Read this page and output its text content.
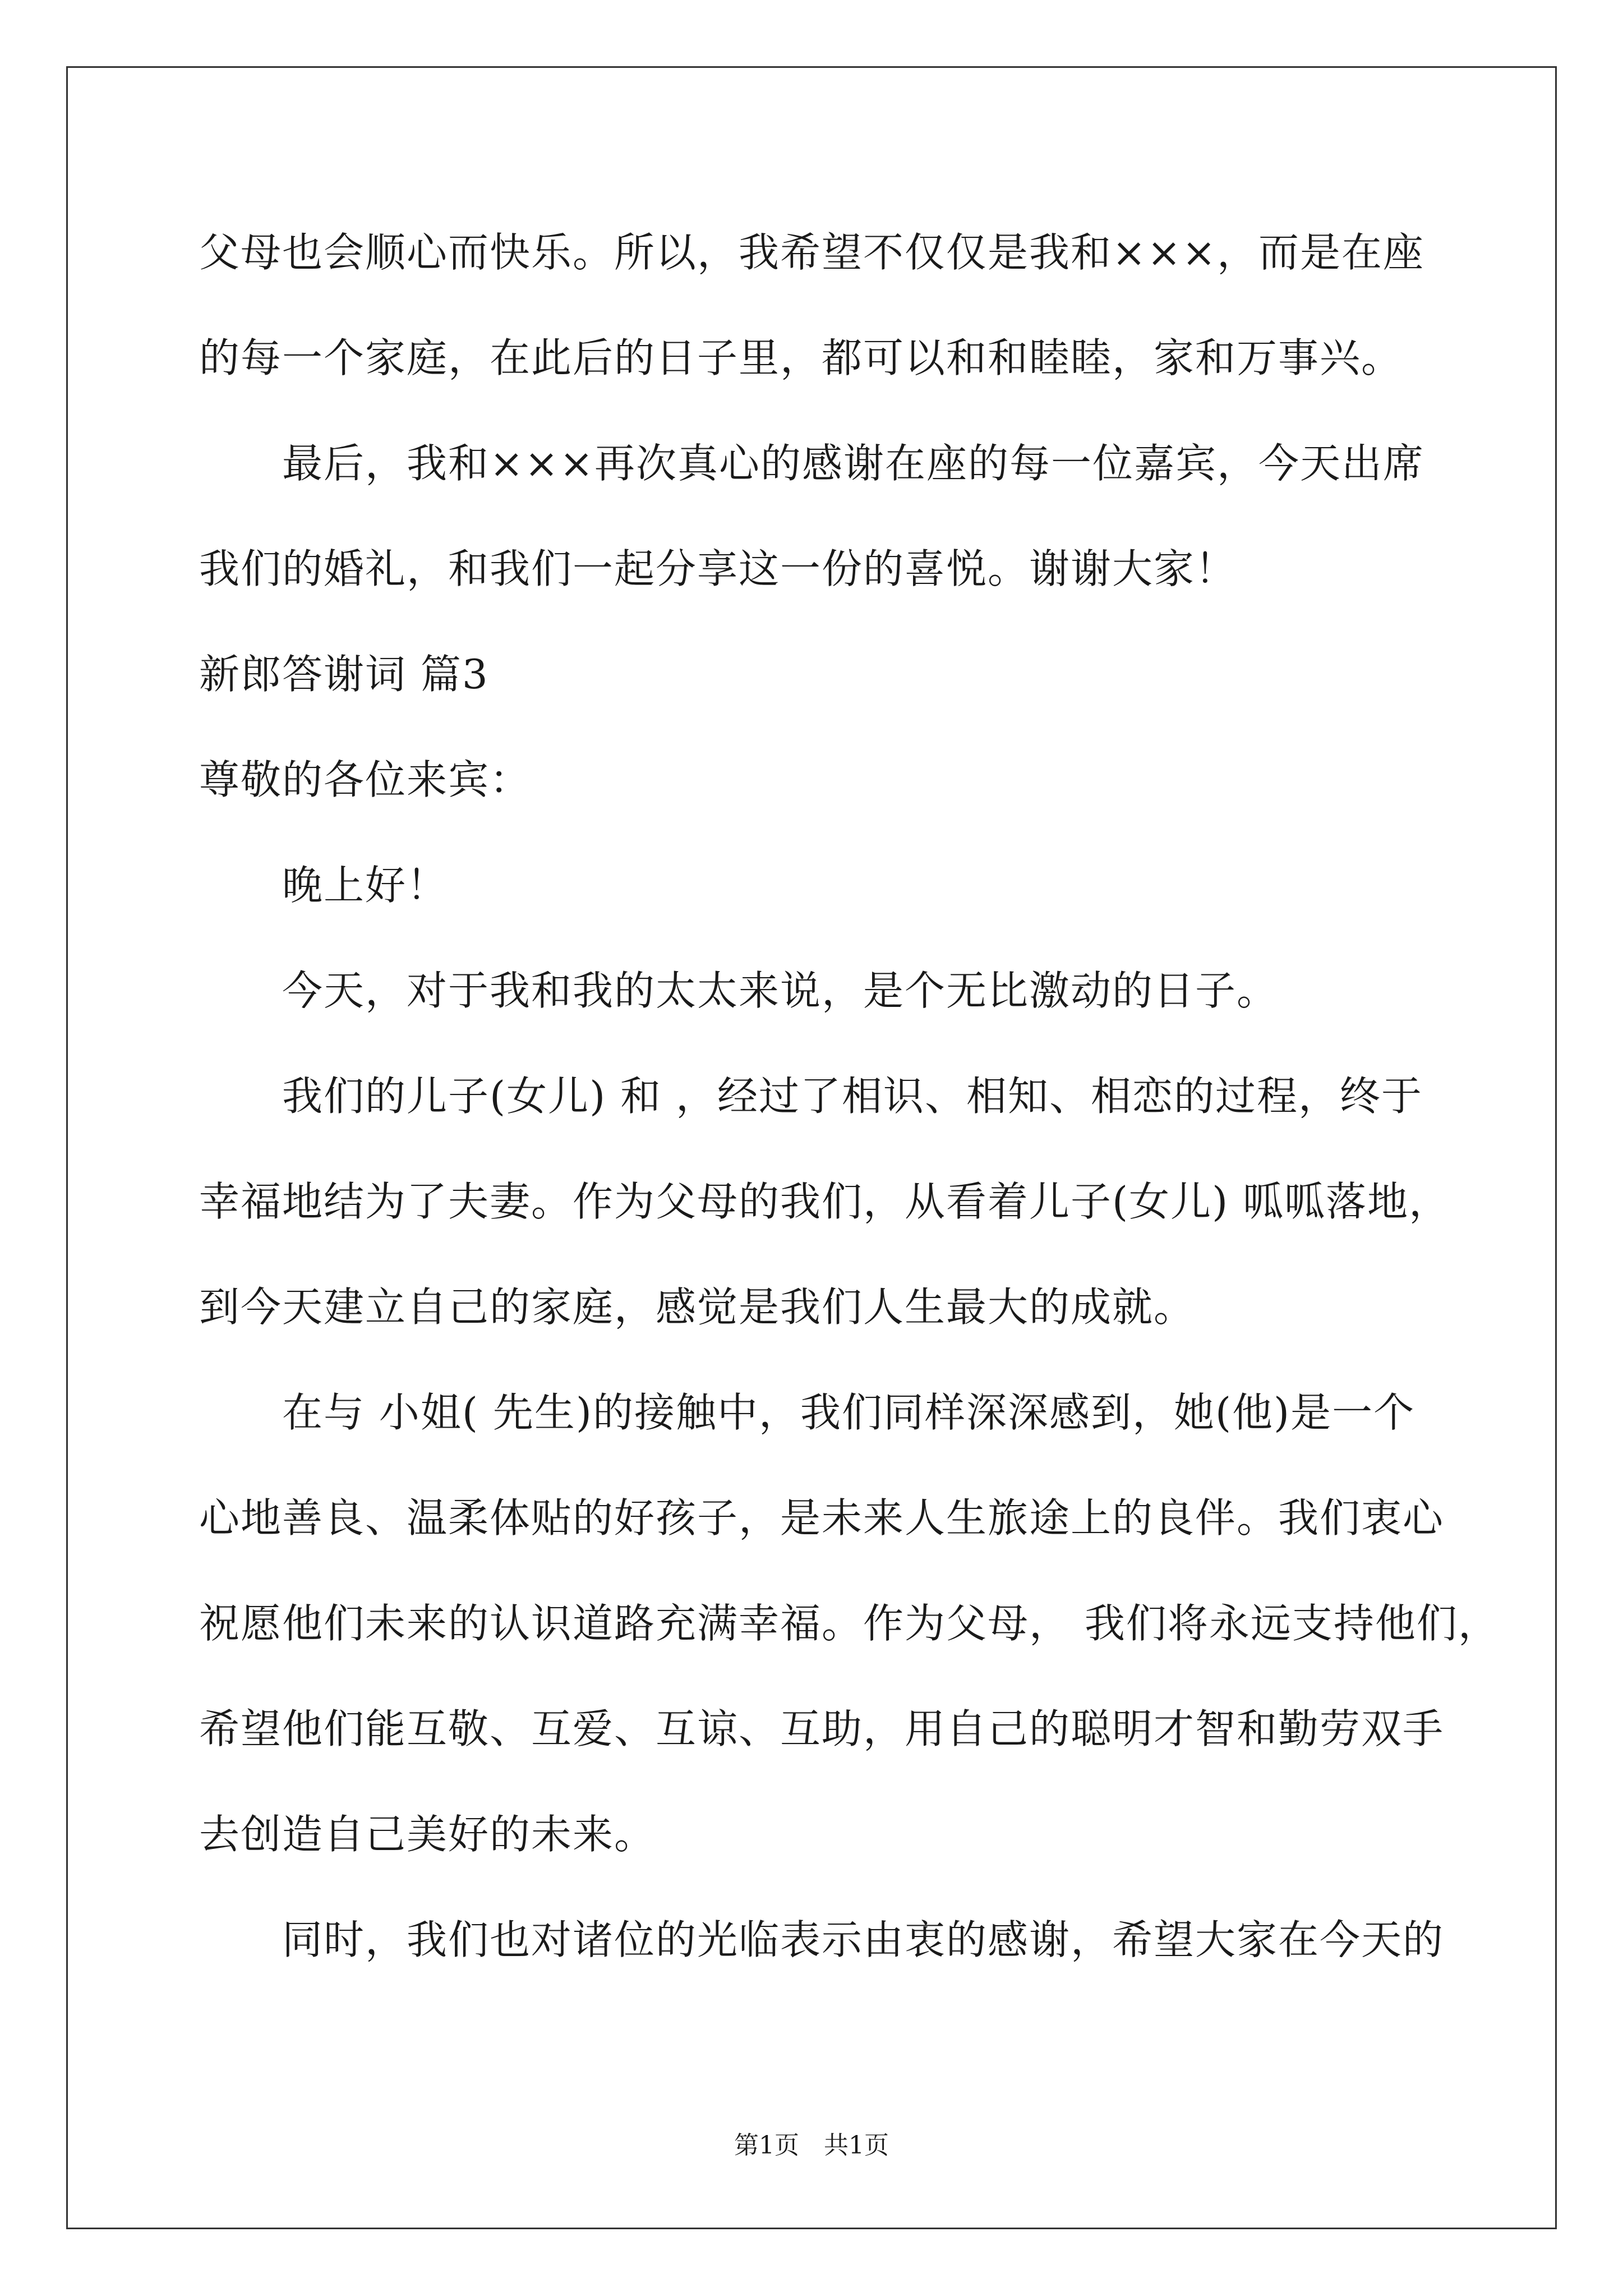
父母也会顺心而快乐。所以，我希望不仅仅是我和×××，而是在座
的每一个家庭，在此后的日子里，都可以和和睦睦，家和万事兴。
最后，我和×××再次真心的感谢在座的每一位嘉宾，今天出席
我们的婚礼，和我们一起分享这一份的喜悦。谢谢大家！
新郎答谢词 篇3
尊敬的各位来宾：
晚上好！
今天，对于我和我的太太来说，是个无比激动的日子。
我们的儿子(女儿) 和 ，经过了相识、相知、相恋的过程，终于
幸福地结为了夫妻。作为父母的我们，从看着儿子(女儿) 呱呱落地，
到今天建立自己的家庭，感觉是我们人生最大的成就。
在与 小姐( 先生)的接触中，我们同样深深感到，她(他)是一个
心地善良、温柔体贴的好孩子，是未来人生旅途上的良伴。我们衷心
祝愿他们未来的认识道路充满幸福。作为父母， 我们将永远支持他们，
希望他们能互敬、互爱、互谅、互助，用自己的聪明才智和勤劳双手
去创造自己美好的未来。
同时，我们也对诸位的光临表示由衷的感谢，希望大家在今天的
第1页　共1页
